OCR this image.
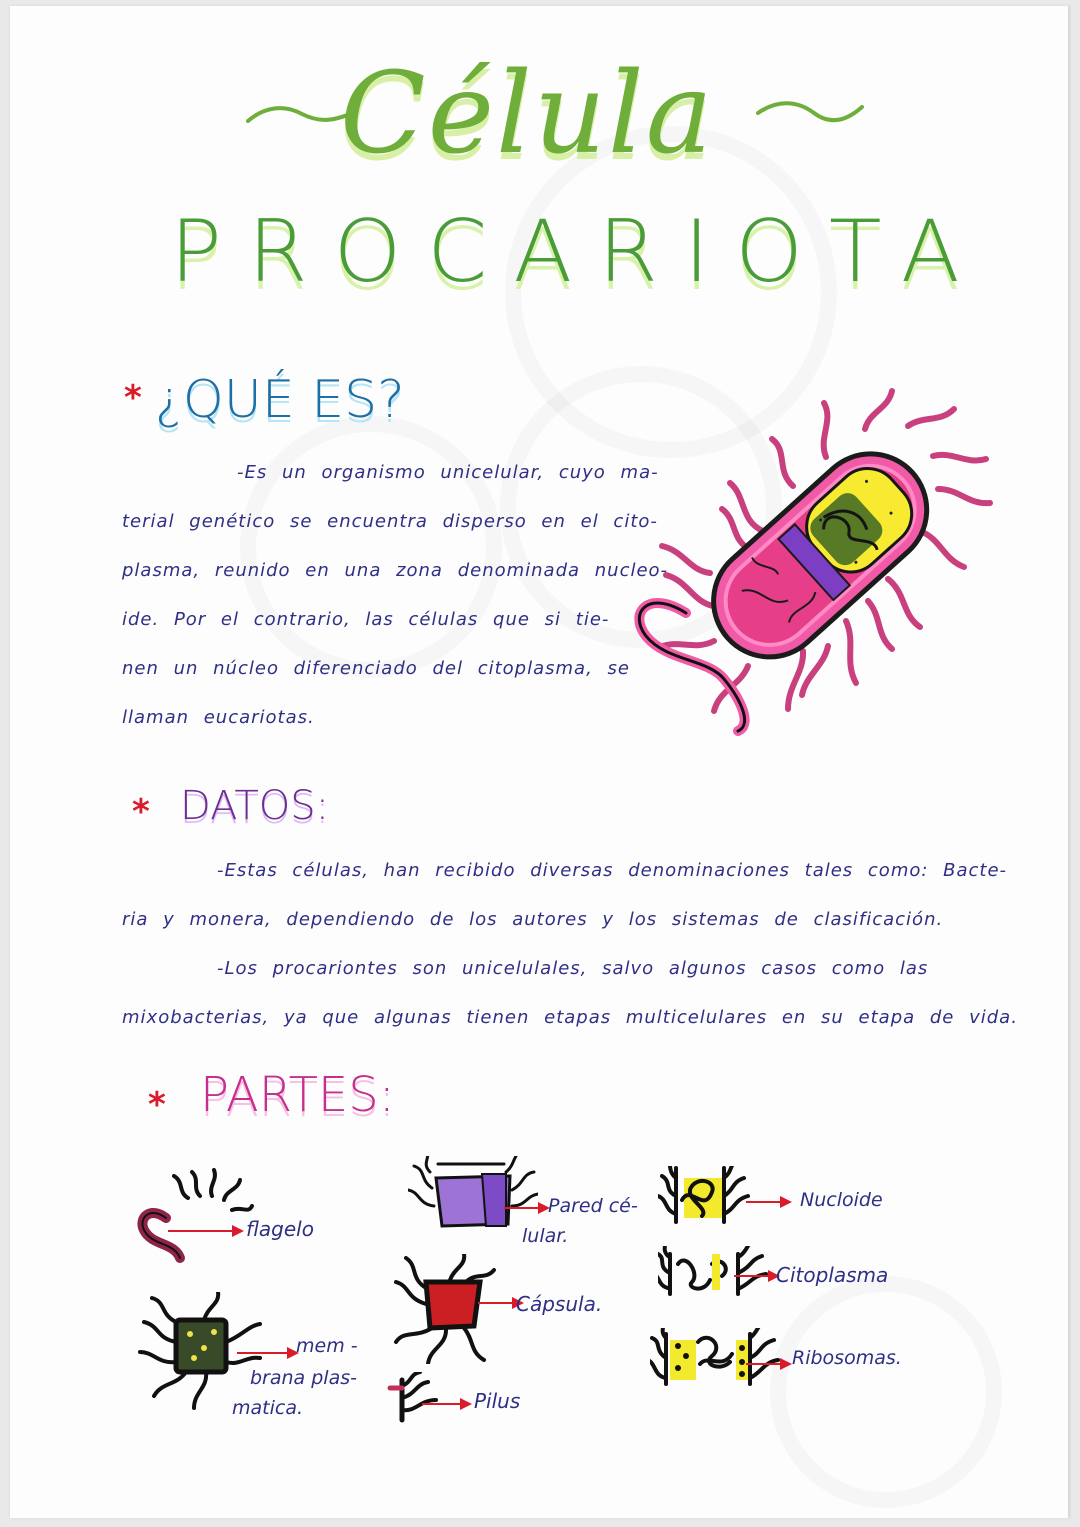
Célula
PROCARIOTA
* ¿QUÉ ES?
-Es un organismo unicelular, cuyo ma-
terial genético se encuentra disperso en el cito-
plasma, reunido en una zona denominada nucleo-
ide. Por el contrario, las células que si tie-
nen un núcleo diferenciado del citoplasma, se
llaman eucariotas.
* DATOS:
-Estas células, han recibido diversas denominaciones tales como: Bacte-
ria y monera, dependiendo de los autores y los sistemas de clasificación.
-Los procariontes son unicelulales, salvo algunos casos como las
mixobacterias, ya que algunas tienen etapas multicelulares en su etapa de vida.
* PARTES:
flagelo
Pared cé-
lular.
Nucloide
Cápsula.
Citoplasma
mem -
brana plas-
matica.	Pilus
Ribosomas.
